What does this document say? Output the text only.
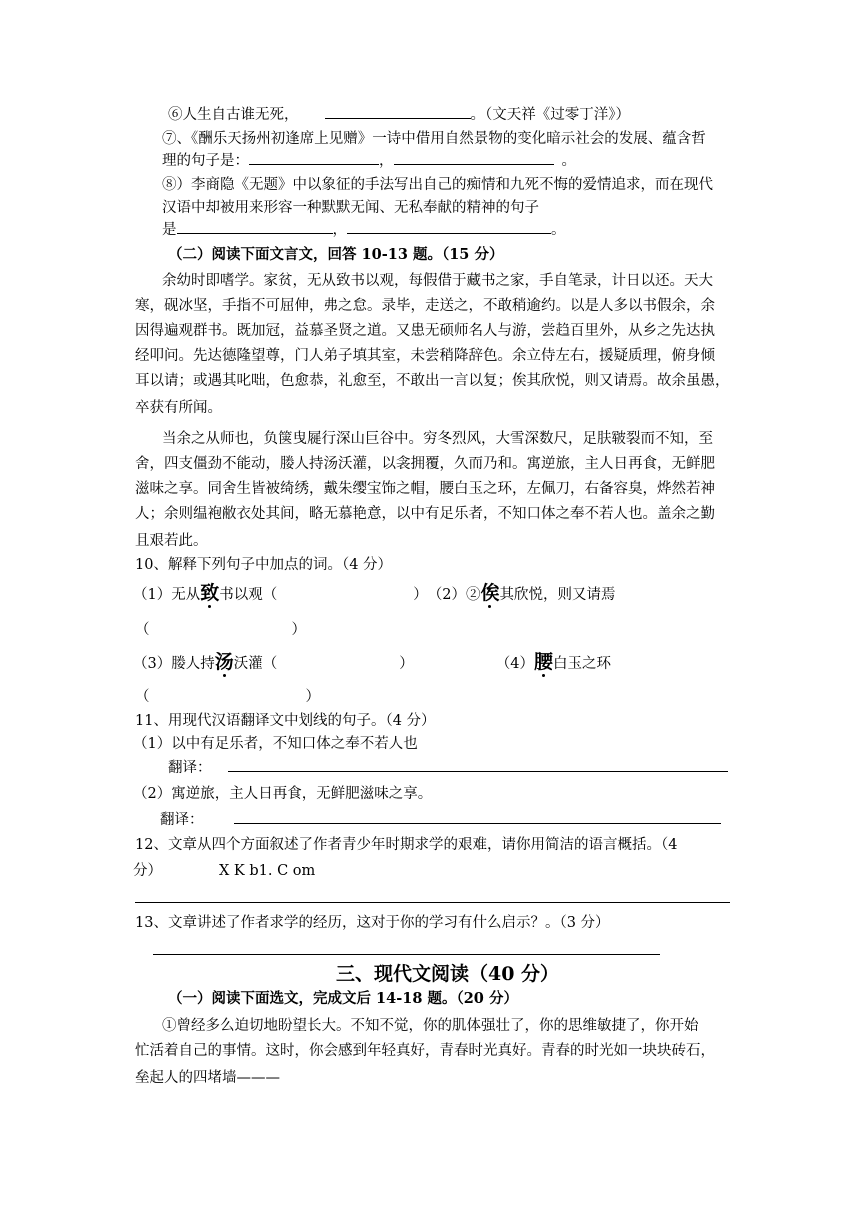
⑥人生自古谁无死，	。（文天祥《过零丁洋》）
⑦、《酬乐天扬州初逢席上见赠》一诗中借用自然景物的变化暗示社会的发展、蕴含哲
理的句子是：	，	。
⑧）李商隐《无题》中以象征的手法写出自己的痴情和九死不悔的爱情追求，而在现代
汉语中却被用来形容一种默默无闻、无私奉献的精神的句子
是	，	。
（二）阅读下面文言文，回答 10-13 题。（15 分）
余幼时即嗜学。家贫，无从致书以观，每假借于藏书之家，手自笔录，计日以还。天大
寒，砚冰坚，手指不可屈伸，弗之怠。录毕，走送之，不敢稍逾约。以是人多以书假余，余
因得遍观群书。既加冠，益慕圣贤之道。又患无硕师名人与游，尝趋百里外，从乡之先达执
经叩问。先达德隆望尊，门人弟子填其室，未尝稍降辞色。余立侍左右，援疑质理，俯身倾
耳以请；或遇其叱咄，色愈恭，礼愈至，不敢出一言以复；俟其欣悦，则又请焉。故余虽愚，
卒获有所闻。
当余之从师也，负箧曳屣行深山巨谷中。穷冬烈风，大雪深数尺，足肤皲裂而不知，至
舍，四支僵劲不能动，媵人持汤沃灌，以衾拥覆，久而乃和。寓逆旅，主人日再食，无鲜肥
滋味之享。同舍生皆被绮绣，戴朱缨宝饰之帽，腰白玉之环，左佩刀，右备容臭，烨然若神
人；余则缊袍敝衣处其间，略无慕艳意，以中有足乐者，不知口体之奉不若人也。盖余之勤
且艰若此。
10、解释下列句子中加点的词。（4 分）
（1）无从致书以观（	）　（2）②俟其欣悦，则又请焉
（	）
（3）媵人持汤沃灌（	）	（4）腰白玉之环
（	）
11、用现代汉语翻译文中划线的句子。（4 分）
（1）以中有足乐者，不知口体之奉不若人也
翻译：
（2）寓逆旅，主人日再食，无鲜肥滋味之享。
翻译：
12、文章从四个方面叙述了作者青少年时期求学的艰难，请你用简洁的语言概括。（4
分）	X K b1. C om
13、文章讲述了作者求学的经历，这对于你的学习有什么启示？。（3 分）
三、现代文阅读（40 分）
（一）阅读下面选文，完成文后 14-18 题。（20 分）
①曾经多么迫切地盼望长大。不知不觉，你的肌体强壮了，你的思维敏捷了，你开始
忙活着自己的事情。这时，你会感到年轻真好，青春时光真好。青春的时光如一块块砖石，
垒起人的四堵墙———
